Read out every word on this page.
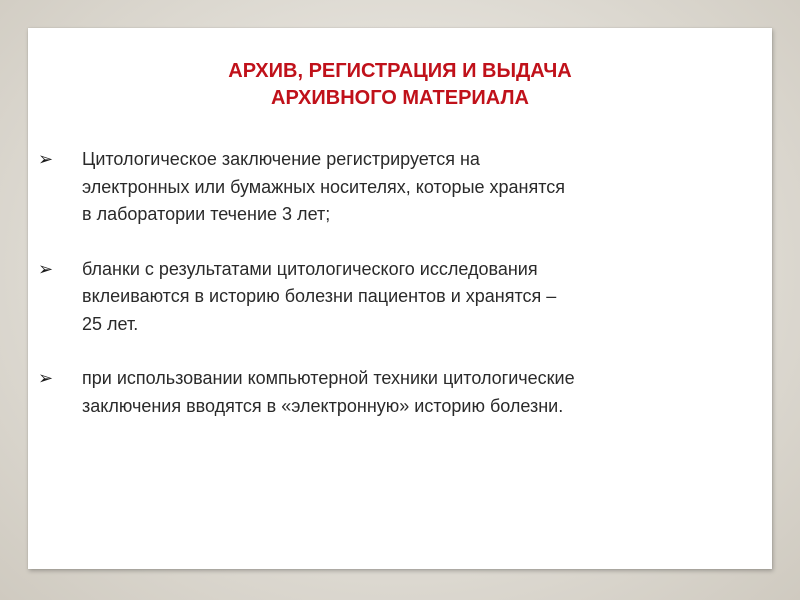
АРХИВ, РЕГИСТРАЦИЯ И ВЫДАЧА
АРХИВНОГО МАТЕРИАЛА
➢	Цитологическое заключение регистрируется на
электронных или бумажных носителях, которые хранятся
в лаборатории течение 3 лет;
➢	бланки с результатами цитологического исследования
вклеиваются в историю болезни пациентов и хранятся –
25 лет.
➢	при использовании компьютерной техники цитологические
заключения вводятся в «электронную» историю болезни.
